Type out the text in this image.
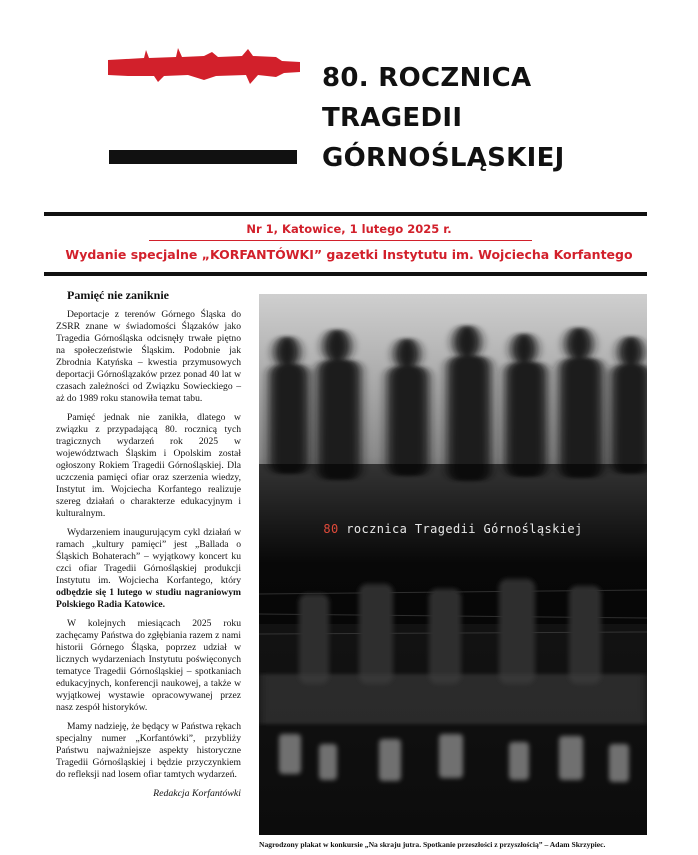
80. ROCZNICA
TRAGEDII
GÓRNOŚLĄSKIEJ
Nr 1, Katowice, 1 lutego 2025 r.
Wydanie specjalne „KORFANTÓWKI” gazetki Instytutu im. Wojciecha Korfantego
Pamięć nie zaniknie

Deportacje z terenów Górnego Śląska do ZSRR znane w świadomości Ślązaków jako Tragedia Górnośląska odcisnęły trwałe piętno na społeczeństwie Śląskim. Podobnie jak Zbrodnia Katyńska – kwestia przymusowych deportacji Górnoślązaków przez ponad 40 lat w czasach zależności od Związku Sowieckiego – aż do 1989 roku stanowiła temat tabu.

Pamięć jednak nie zanikła, dlatego w związku z przypadającą 80. rocznicą tych tragicznych wydarzeń rok 2025 w województwach Śląskim i Opolskim został ogłoszony Rokiem Tragedii Górnośląskiej. Dla uczczenia pamięci ofiar oraz szerzenia wiedzy, Instytut im. Wojciecha Korfantego realizuje szereg działań o charakterze edukacyjnym i kulturalnym.

Wydarzeniem inaugurującym cykl działań w ramach „kultury pamięci” jest „Ballada o Śląskich Bohaterach” – wyjątkowy koncert ku czci ofiar Tragedii Górnośląskiej produkcji Instytutu im. Wojciecha Korfantego, który odbędzie się 1 lutego w studiu nagraniowym Polskiego Radia Katowice.

W kolejnych miesiącach 2025 roku zachęcamy Państwa do zgłębiania razem z nami historii Górnego Śląska, poprzez udział w licznych wydarzeniach Instytutu poświęconych tematyce Tragedii Górnośląskiej – spotkaniach edukacyjnych, konferencji naukowej, a także w wyjątkowej wystawie opracowywanej przez nasz zespół historyków.

Mamy nadzieję, że będący w Państwa rękach specjalny numer „Korfantówki”, przybliży Państwu najważniejsze aspekty historyczne Tragedii Górnośląskiej i będzie przyczynkiem do refleksji nad losem ofiar tamtych wydarzeń.

Redakcja Korfantówki
80 rocznica Tragedii Górnośląskiej
Nagrodzony plakat w konkursie „Na skraju jutra. Spotkanie przeszłości z przyszłością” – Adam Skrzypiec.
